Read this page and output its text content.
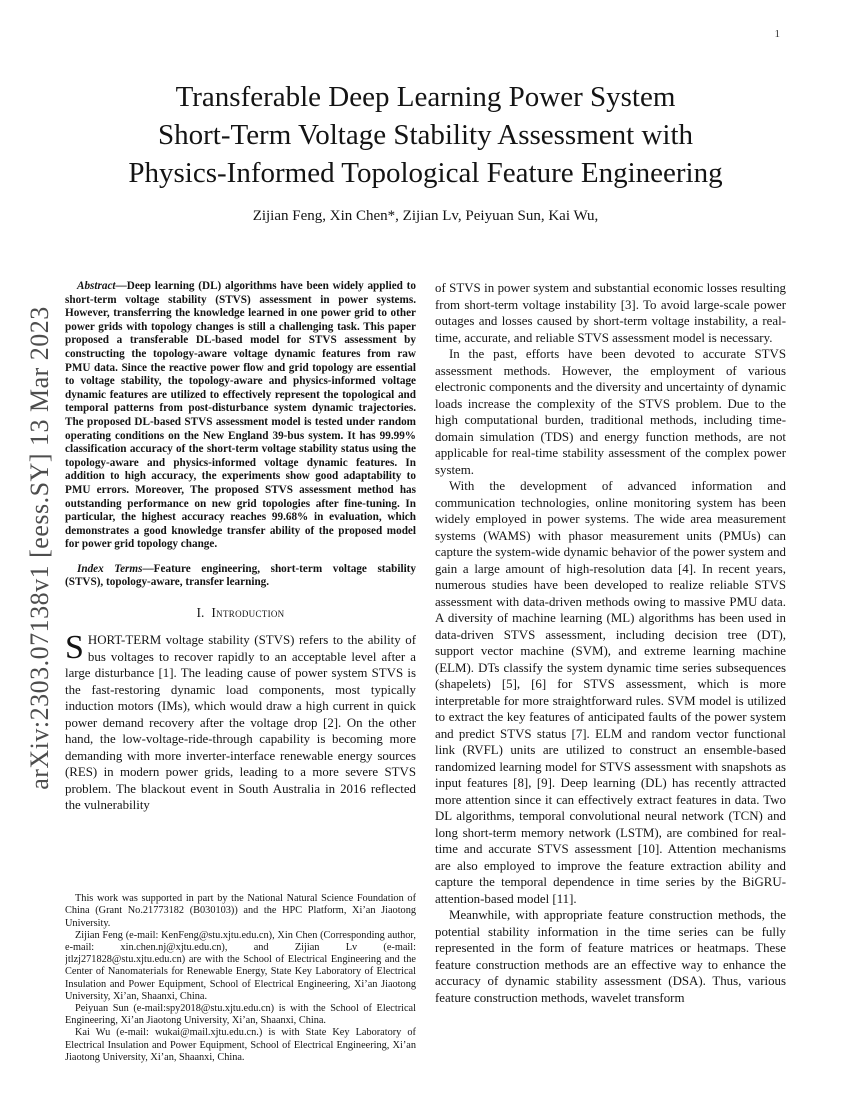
1
arXiv:2303.07138v1 [eess.SY] 13 Mar 2023
Transferable Deep Learning Power System
Short-Term Voltage Stability Assessment with
Physics-Informed Topological Feature Engineering
Zijian Feng, Xin Chen*, Zijian Lv, Peiyuan Sun, Kai Wu,

Abstract—Deep learning (DL) algorithms have been widely applied to short-term voltage stability (STVS) assessment in power systems. However, transferring the knowledge learned in one power grid to other power grids with topology changes is still a challenging task. This paper proposed a transferable DL-based model for STVS assessment by constructing the topology-aware voltage dynamic features from raw PMU data. Since the reactive power flow and grid topology are essential to voltage stability, the topology-aware and physics-informed voltage dynamic features are utilized to effectively represent the topological and temporal patterns from post-disturbance system dynamic trajectories. The proposed DL-based STVS assessment model is tested under random operating conditions on the New England 39-bus system. It has 99.99% classification accuracy of the short-term voltage stability status using the topology-aware and physics-informed voltage dynamic features. In addition to high accuracy, the experiments show good adaptability to PMU errors. Moreover, The proposed STVS assessment method has outstanding performance on new grid topologies after fine-tuning. In particular, the highest accuracy reaches 99.68% in evaluation, which demonstrates a good knowledge transfer ability of the proposed model for power grid topology change.

Index Terms—Feature engineering, short-term voltage stability (STVS), topology-aware, transfer learning.

I. Introduction

SHORT-TERM voltage stability (STVS) refers to the ability of bus voltages to recover rapidly to an acceptable level after a large disturbance [1]. The leading cause of power system STVS is the fast-restoring dynamic load components, most typically induction motors (IMs), which would draw a high current in quick power demand recovery after the voltage drop [2]. On the other hand, the low-voltage-ride-through capability is becoming more demanding with more inverter-interface renewable energy sources (RES) in modern power grids, leading to a more severe STVS problem. The blackout event in South Australia in 2016 reflected the vulnerability

This work was supported in part by the National Natural Science Foundation of China (Grant No.21773182 (B030103)) and the HPC Platform, Xi’an Jiaotong University.

Zijian Feng (e-mail: KenFeng@stu.xjtu.edu.cn), Xin Chen (Corresponding author, e-mail: xin.chen.nj@xjtu.edu.cn), and Zijian Lv (e-mail: jtlzj271828@stu.xjtu.edu.cn) are with the School of Electrical Engineering and the Center of Nanomaterials for Renewable Energy, State Key Laboratory of Electrical Insulation and Power Equipment, School of Electrical Engineering, Xi’an Jiaotong University, Xi’an, Shaanxi, China.

Peiyuan Sun (e-mail:spy2018@stu.xjtu.edu.cn) is with the School of Electrical Engineering, Xi’an Jiaotong University, Xi’an, Shaanxi, China.

Kai Wu (e-mail: wukai@mail.xjtu.edu.cn.) is with State Key Laboratory of Electrical Insulation and Power Equipment, School of Electrical Engineering, Xi’an Jiaotong University, Xi’an, Shaanxi, China.

of STVS in power system and substantial economic losses resulting from short-term voltage instability [3]. To avoid large-scale power outages and losses caused by short-term voltage instability, a real-time, accurate, and reliable STVS assessment model is necessary.

In the past, efforts have been devoted to accurate STVS assessment methods. However, the employment of various electronic components and the diversity and uncertainty of dynamic loads increase the complexity of the STVS problem. Due to the high computational burden, traditional methods, including time-domain simulation (TDS) and energy function methods, are not applicable for real-time stability assessment of the complex power system.

With the development of advanced information and communication technologies, online monitoring system has been widely employed in power systems. The wide area measurement systems (WAMS) with phasor measurement units (PMUs) can capture the system-wide dynamic behavior of the power system and gain a large amount of high-resolution data [4]. In recent years, numerous studies have been developed to realize reliable STVS assessment with data-driven methods owing to massive PMU data. A diversity of machine learning (ML) algorithms has been used in data-driven STVS assessment, including decision tree (DT), support vector machine (SVM), and extreme learning machine (ELM). DTs classify the system dynamic time series subsequences (shapelets) [5], [6] for STVS assessment, which is more interpretable for more straightforward rules. SVM model is utilized to extract the key features of anticipated faults of the power system and predict STVS status [7]. ELM and random vector functional link (RVFL) units are utilized to construct an ensemble-based randomized learning model for STVS assessment with snapshots as input features [8], [9]. Deep learning (DL) has recently attracted more attention since it can effectively extract features in data. Two DL algorithms, temporal convolutional neural network (TCN) and long short-term memory network (LSTM), are combined for real-time and accurate STVS assessment [10]. Attention mechanisms are also employed to improve the feature extraction ability and capture the temporal dependence in time series by the BiGRU-attention-based model [11].

Meanwhile, with appropriate feature construction methods, the potential stability information in the time series can be fully represented in the form of feature matrices or heatmaps. These feature construction methods are an effective way to enhance the accuracy of dynamic stability assessment (DSA). Thus, various feature construction methods, wavelet transform
